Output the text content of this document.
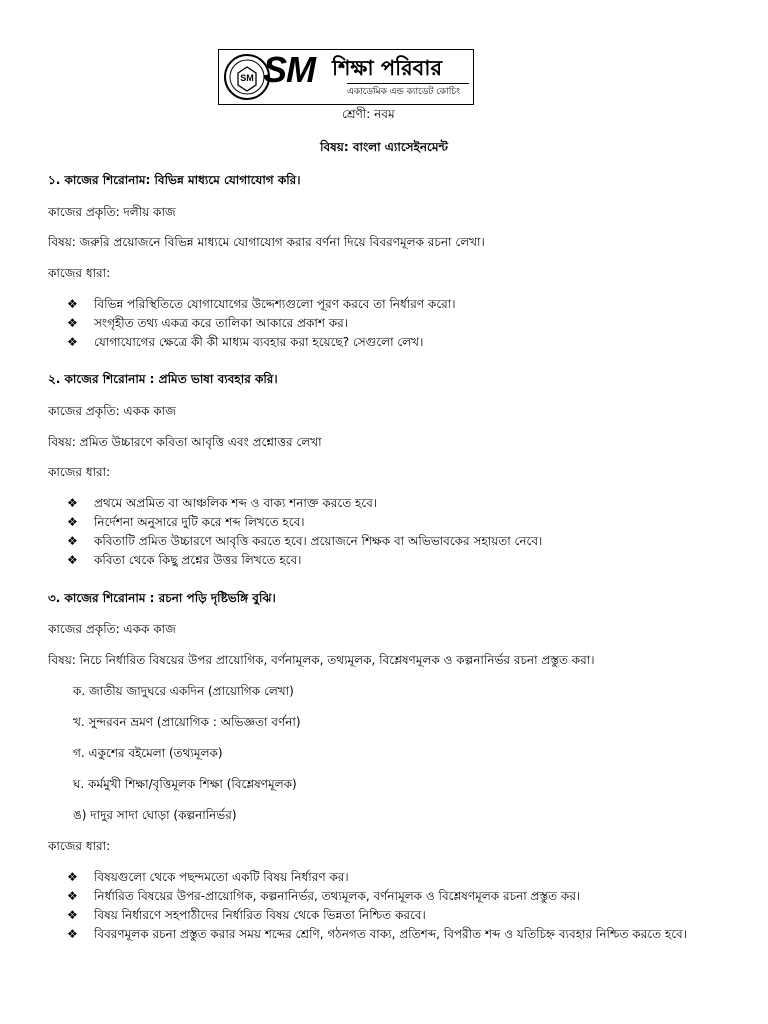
SM SM শিক্ষা পরিবার
একাডেমিক এন্ড ক্যাডেট কোচিং
শ্রেণী: নবম
বিষয়: বাংলা এ্যাসেইনমেন্ট
১. কাজের শিরোনাম: বিভিন্ন মাধ্যমে যোগাযোগ করি।
কাজের প্রকৃতি: দলীয় কাজ
বিষয়: জরুরি প্রয়োজনে বিভিন্ন মাধ্যমে যোগাযোগ করার বর্ণনা দিয়ে বিবরণমূলক রচনা লেখা।
কাজের ধারা:
❖ বিভিন্ন পরিস্থিতিতে যোগাযোগের উদ্দেশ্যগুলো পূরণ করবে তা নির্ধারণ করো।
❖ সংগৃহীত তথ্য একত্র করে তালিকা আকারে প্রকাশ কর।
❖ যোগাযোগের ক্ষেত্রে কী কী মাধ্যম ব্যবহার করা হয়েছে? সেগুলো লেখ।
২. কাজের শিরোনাম : প্রমিত ভাষা ব্যবহার করি।
কাজের প্রকৃতি: একক কাজ
বিষয়: প্রমিত উচ্চারণে কবিতা আবৃত্তি এবং প্রশ্নোত্তর লেখা
কাজের ধারা:
❖ প্রথমে অপ্রমিত বা আঞ্চলিক শব্দ ও বাক্য শনাক্ত করতে হবে।
❖ নির্দেশনা অনুসারে দুটি করে শব্দ লিখতে হবে।
❖ কবিতাটি প্রমিত উচ্চারণে আবৃত্তি করতে হবে। প্রয়োজনে শিক্ষক বা অভিভাবকের সহায়তা নেবে।
❖ কবিতা থেকে কিছু প্রশ্নের উত্তর লিখতে হবে।
৩. কাজের শিরোনাম : রচনা পড়ি দৃষ্টিভঙ্গি বুঝি।
কাজের প্রকৃতি: একক কাজ
বিষয়: নিচে নির্ধারিত বিষয়ের উপর প্রায়োগিক, বর্ণনামূলক, তথ্যমূলক, বিশ্লেষণমূলক ও কল্পনানির্ভর রচনা প্রস্তুত করা।
ক. জাতীয় জাদুঘরে একদিন (প্রায়োগিক লেখা)
খ. সুন্দরবন ভ্রমণ (প্রায়োগিক : অভিজ্ঞতা বর্ণনা)
গ. একুশের বইমেলা (তথ্যমূলক)
ঘ. কর্মমুখী শিক্ষা/বৃত্তিমূলক শিক্ষা (বিশ্লেষণমূলক)
ঙ) দাদুর সাদা ঘোড়া (কল্পনানির্ভর)
কাজের ধারা:
❖ বিষয়গুলো থেকে পছন্দমতো একটি বিষয় নির্ধারণ কর।
❖ নির্ধারিত বিষয়ের উপর-প্রায়োগিক, কল্পনানির্ভর, তথ্যমূলক, বর্ণনামূলক ও বিশ্লেষণমূলক রচনা প্রস্তুত কর।
❖ বিষয় নির্ধারণে সহপাঠীদের নির্ধারিত বিষয় থেকে ভিন্নতা নিশ্চিত করবে।
❖ বিবরণমূলক রচনা প্রস্তুত করার সময় শব্দের শ্রেণি, গঠনগত বাক্য, প্রতিশব্দ, বিপরীত শব্দ ও যতিচিহ্ন ব্যবহার নিশ্চিত করতে হবে।
